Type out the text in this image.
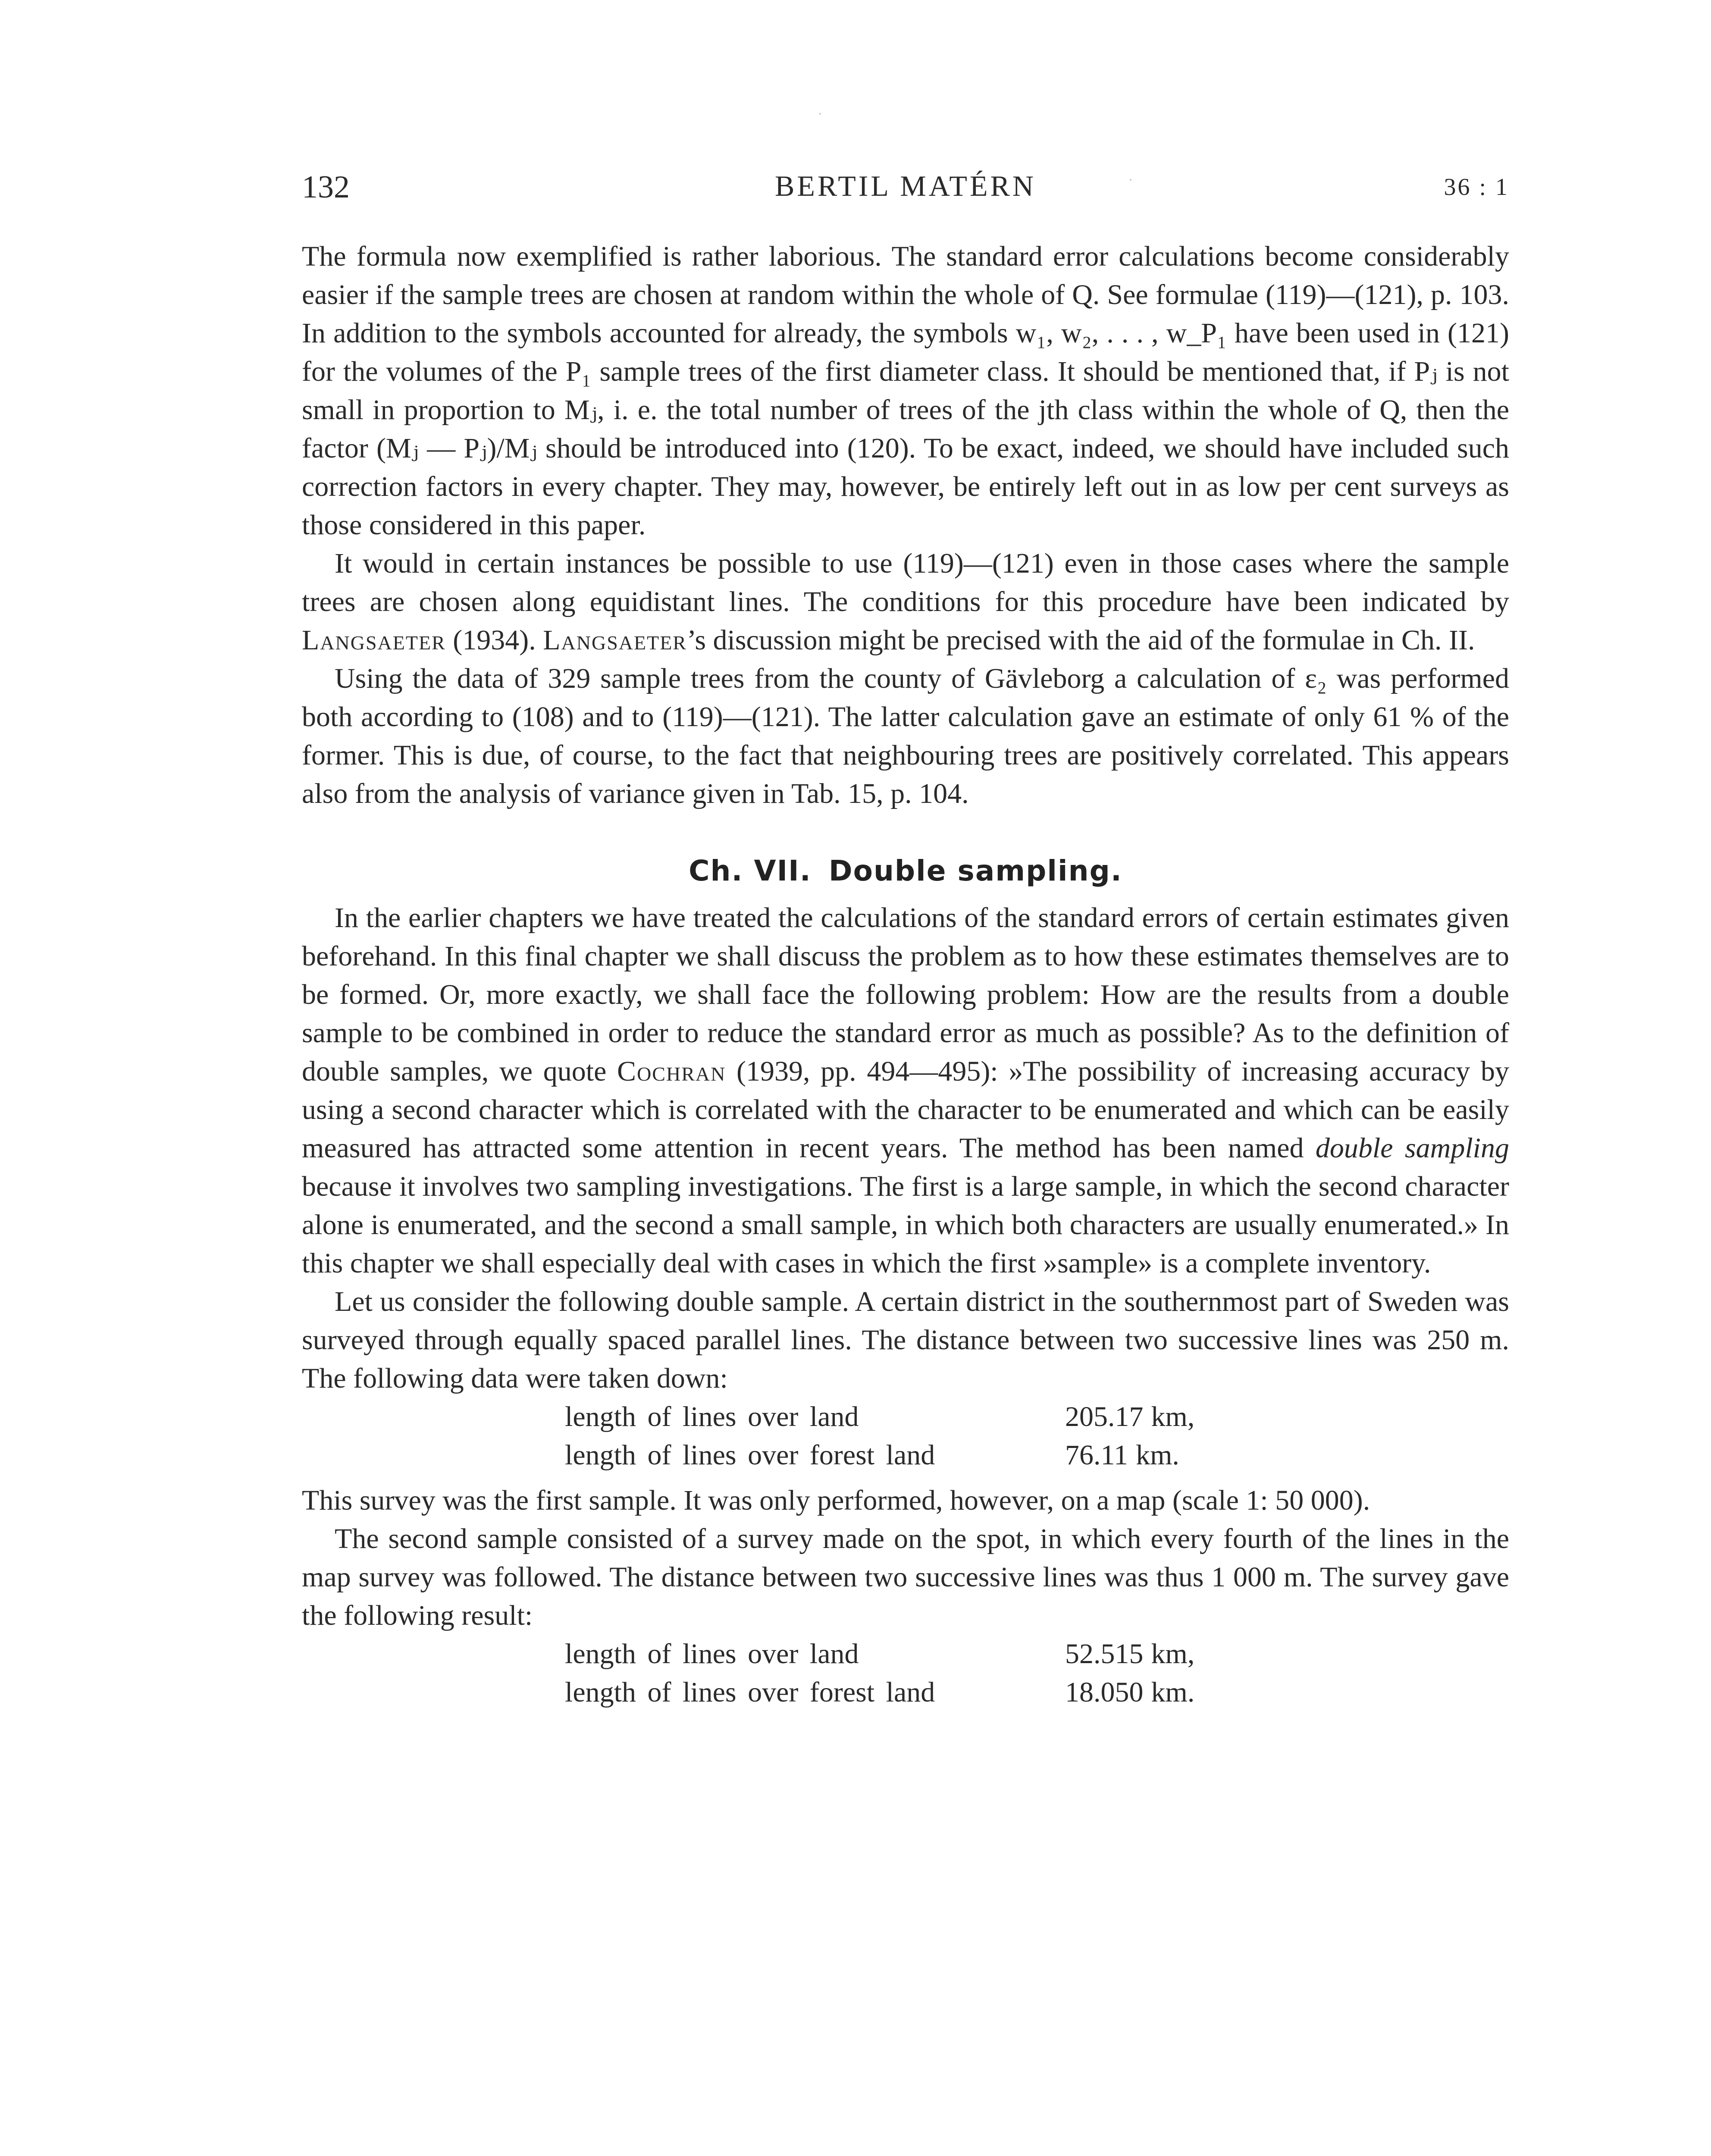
132	BERTIL MATÉRN	36 : 1

The formula now exemplified is rather laborious. The standard error calculations become considerably easier if the sample trees are chosen at random within the whole of Q. See formulae (119)—(121), p. 103. In addition to the symbols accounted for already, the symbols w₁, w₂, . . . , w_P₁ have been used in (121) for the volumes of the P₁ sample trees of the first diameter class. It should be mentioned that, if Pⱼ is not small in proportion to Mⱼ, i. e. the total number of trees of the jth class within the whole of Q, then the factor (Mⱼ — Pⱼ)/Mⱼ should be introduced into (120). To be exact, indeed, we should have included such correction factors in every chapter. They may, however, be entirely left out in as low per cent surveys as those considered in this paper.

It would in certain instances be possible to use (119)—(121) even in those cases where the sample trees are chosen along equidistant lines. The conditions for this procedure have been indicated by Langsaeter (1934). Langsaeter’s discussion might be precised with the aid of the formulae in Ch. II.

Using the data of 329 sample trees from the county of Gävleborg a calculation of ε₂ was performed both according to (108) and to (119)—(121). The latter calculation gave an estimate of only 61 % of the former. This is due, of course, to the fact that neighbouring trees are positively correlated. This appears also from the analysis of variance given in Tab. 15, p. 104.

Ch. VII. Double sampling.

In the earlier chapters we have treated the calculations of the standard errors of certain estimates given beforehand. In this final chapter we shall discuss the problem as to how these estimates themselves are to be formed. Or, more exactly, we shall face the following problem: How are the results from a double sample to be combined in order to reduce the standard error as much as possible? As to the definition of double samples, we quote Cochran (1939, pp. 494—495): »The possibility of increasing accuracy by using a second character which is correlated with the character to be enumerated and which can be easily measured has attracted some attention in recent years. The method has been named double sampling because it involves two sampling investigations. The first is a large sample, in which the second character alone is enumerated, and the second a small sample, in which both characters are usually enumerated.» In this chapter we shall especially deal with cases in which the first »sample» is a complete inventory.

Let us consider the following double sample. A certain district in the southernmost part of Sweden was surveyed through equally spaced parallel lines. The distance between two successive lines was 250 m. The following data were taken down:

length of lines over land	205.17 km,
length of lines over forest land	76.11 km.

This survey was the first sample. It was only performed, however, on a map (scale 1: 50 000).

The second sample consisted of a survey made on the spot, in which every fourth of the lines in the map survey was followed. The distance between two successive lines was thus 1 000 m. The survey gave the following result:

length of lines over land	52.515 km,
length of lines over forest land	18.050 km.
